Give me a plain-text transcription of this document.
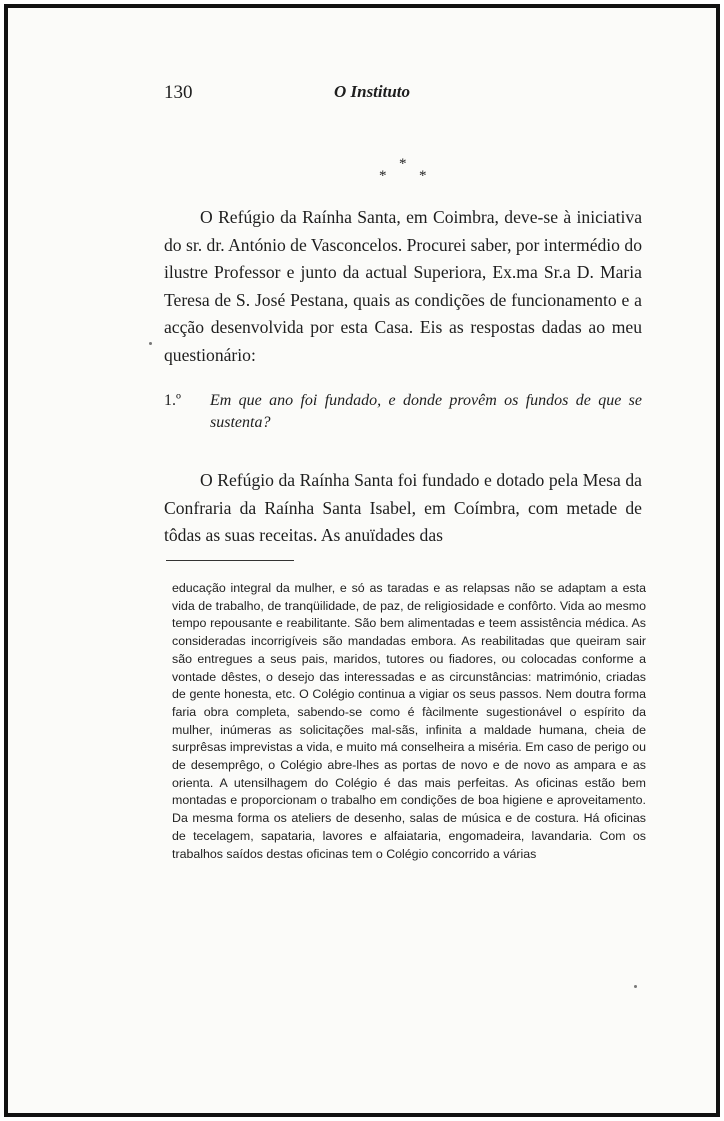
130	O Instituto
*
*
*

O Refúgio da Raínha Santa, em Coimbra, deve-se à iniciativa do sr. dr. António de Vasconcelos. Procurei saber, por intermédio do ilustre Professor e junto da actual Superiora, Ex.ma Sr.a D. Maria Teresa de S. José Pestana, quais as condições de funcionamento e a acção desenvolvida por esta Casa. Eis as respostas dadas ao meu questionário:

1.º Em que ano foi fundado, e donde provêm os fundos de que se sustenta?

O Refúgio da Raínha Santa foi fundado e dotado pela Mesa da Confraria da Raínha Santa Isabel, em Coímbra, com metade de tôdas as suas receitas. As anuïdades das

educação integral da mulher, e só as taradas e as relapsas não se adaptam a esta vida de trabalho, de tranqüilidade, de paz, de religiosidade e confôrto. Vida ao mesmo tempo repousante e reabilitante. São bem alimentadas e teem assistência médica. As consideradas incorrigíveis são mandadas embora. As reabilitadas que queiram sair são entregues a seus pais, maridos, tutores ou fiadores, ou colocadas conforme a vontade dêstes, o desejo das interessadas e as circunstâncias: matrimónio, criadas de gente honesta, etc. O Colégio continua a vigiar os seus passos. Nem doutra forma faria obra completa, sabendo-se como é fàcilmente sugestionável o espírito da mulher, inúmeras as solicitações mal-sãs, infinita a maldade humana, cheia de surprêsas imprevistas a vida, e muito má conselheira a miséria. Em caso de perigo ou de desemprêgo, o Colégio abre-lhes as portas de novo e de novo as ampara e as orienta. A utensilhagem do Colégio é das mais perfeitas. As oficinas estão bem montadas e proporcionam o trabalho em condições de boa higiene e aproveitamento. Da mesma forma os ateliers de desenho, salas de música e de costura. Há oficinas de tecelagem, sapataria, lavores e alfaiataria, engomadeira, lavandaria. Com os trabalhos saídos destas oficinas tem o Colégio concorrido a várias
